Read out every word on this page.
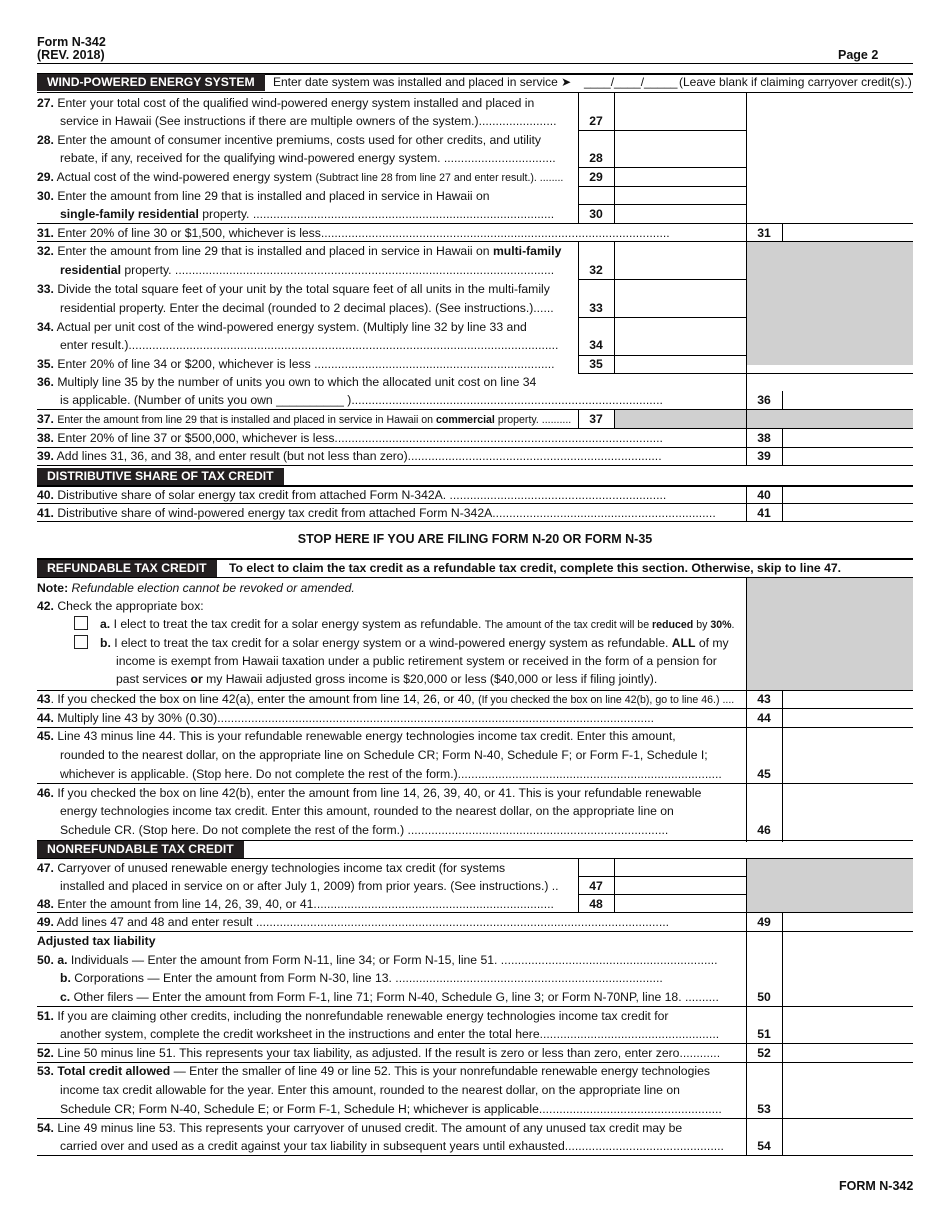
Form N-342
(REV. 2018)	Page 2
WIND-POWERED ENERGY SYSTEM	Enter date system was installed and placed in service ➤ ____/____/_____ (Leave blank if claiming carryover credit(s).)
27. Enter your total cost of the qualified wind-powered energy system installed and placed in
service in Hawaii (See instructions if there are multiple owners of the system.).......................	27
28. Enter the amount of consumer incentive premiums, costs used for other credits, and utility
rebate, if any, received for the qualifying wind-powered energy system. .................................	28
29. Actual cost of the wind-powered energy system (Subtract line 28 from line 27 and enter result.). ........	29
30. Enter the amount from line 29 that is installed and placed in service in Hawaii on
single-family residential property. .........................................................................................	30
31. Enter 20% of line 30 or $1,500, whichever is less.......................................................................................................	31
32. Enter the amount from line 29 that is installed and placed in service in Hawaii on multi-family
residential property. ................................................................................................................	32
33. Divide the total square feet of your unit by the total square feet of all units in the multi-family
residential property. Enter the decimal (rounded to 2 decimal places). (See instructions.)......	33
34. Actual per unit cost of the wind-powered energy system. (Multiply line 32 by line 33 and
enter result.)...............................................................................................................................	34
35. Enter 20% of line 34 or $200, whichever is less .......................................................................	35
36. Multiply line 35 by the number of units you own to which the allocated unit cost on line 34
is applicable. (Number of units you own __________ )............................................................................................	36
37. Enter the amount from line 29 that is installed and placed in service in Hawaii on commercial property. ..........	37
38. Enter 20% of line 37 or $500,000, whichever is less.................................................................................................	38
39. Add lines 31, 36, and 38, and enter result (but not less than zero)...........................................................................	39
DISTRIBUTIVE SHARE OF TAX CREDIT
40. Distributive share of solar energy tax credit from attached Form N-342A. ................................................................	40
41. Distributive share of wind-powered energy tax credit from attached Form N-342A..................................................................	41
STOP HERE IF YOU ARE FILING FORM N-20 OR FORM N-35
REFUNDABLE TAX CREDIT	To elect to claim the tax credit as a refundable tax credit, complete this section. Otherwise, skip to line 47.
Note: Refundable election cannot be revoked or amended.
42. Check the appropriate box:
a. I elect to treat the tax credit for a solar energy system as refundable. The amount of the tax credit will be reduced by 30%.
b. I elect to treat the tax credit for a solar energy system or a wind-powered energy system as refundable. ALL of my
income is exempt from Hawaii taxation under a public retirement system or received in the form of a pension for
past services or my Hawaii adjusted gross income is $20,000 or less ($40,000 or less if filing jointly).
43. If you checked the box on line 42(a), enter the amount from line 14, 26, or 40, (If you checked the box on line 42(b), go to line 46.) ....	43
44. Multiply line 43 by 30% (0.30).................................................................................................................................	44
45. Line 43 minus line 44. This is your refundable renewable energy technologies income tax credit. Enter this amount,
rounded to the nearest dollar, on the appropriate line on Schedule CR; Form N-40, Schedule F; or Form F-1, Schedule I;
whichever is applicable. (Stop here. Do not complete the rest of the form.)..............................................................................	45
46. If you checked the box on line 42(b), enter the amount from line 14, 26, 39, 40, or 41. This is your refundable renewable
energy technologies income tax credit. Enter this amount, rounded to the nearest dollar, on the appropriate line on
Schedule CR. (Stop here. Do not complete the rest of the form.) .............................................................................	46
NONREFUNDABLE TAX CREDIT
47. Carryover of unused renewable energy technologies income tax credit (for systems
installed and placed in service on or after July 1, 2009) from prior years. (See instructions.) ..	47
48. Enter the amount from line 14, 26, 39, 40, or 41.......................................................................	48
49. Add lines 47 and 48 and enter result ..........................................................................................................................	49
Adjusted tax liability
50. a. Individuals — Enter the amount from Form N-11, line 34; or Form N-15, line 51. ................................................................
b. Corporations — Enter the amount from Form N-30, line 13. ...............................................................................
c. Other filers — Enter the amount from Form F-1, line 71; Form N-40, Schedule G, line 3; or Form N-70NP, line 18. ..........	50
51. If you are claiming other credits, including the nonrefundable renewable energy technologies income tax credit for
another system, complete the credit worksheet in the instructions and enter the total here.....................................................	51
52. Line 50 minus line 51. This represents your tax liability, as adjusted. If the result is zero or less than zero, enter zero............	52
53. Total credit allowed — Enter the smaller of line 49 or line 52. This is your nonrefundable renewable energy technologies
income tax credit allowable for the year. Enter this amount, rounded to the nearest dollar, on the appropriate line on
Schedule CR; Form N-40, Schedule E; or Form F-1, Schedule H; whichever is applicable......................................................	53
54. Line 49 minus line 53. This represents your carryover of unused credit. The amount of any unused tax credit may be
carried over and used as a credit against your tax liability in subsequent years until exhausted...............................................	54
FORM N-342
